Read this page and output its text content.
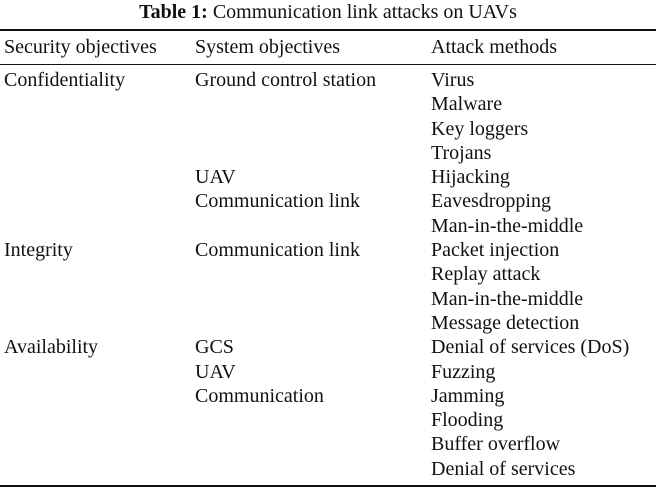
Table 1: Communication link attacks on UAVs
Security objectives System objectives	Attack methods
Confidentiality
Integrity
Availability
Ground control station
UAV
Communication link
Communication link
GCS
UAV
Communication
Virus
Malware
Key loggers
Trojans
Hijacking
Eavesdropping
Man-in-the-middle
Packet injection
Replay attack
Man-in-the-middle
Message detection
Denial of services (DoS)
Fuzzing
Jamming
Flooding
Buffer overflow
Denial of services
